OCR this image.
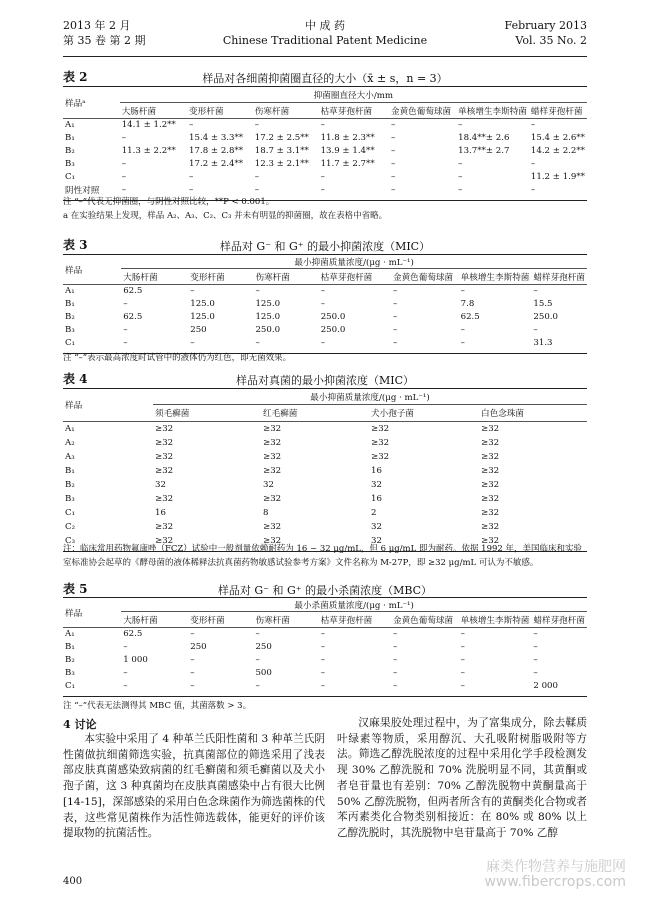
2013 年 2 月
第 35 卷 第 2 期
中 成 药
Chinese Traditional Patent Medicine
February 2013
Vol. 35 No. 2
表 2	样品对各细菌抑菌圈直径的大小（x̄ ± s，n = 3）
样品ᵃ	抑菌圈直径大小/mm						
	大肠杆菌	变形杆菌	伤寒杆菌	枯草芽孢杆菌	金黄色葡萄球菌	单核增生李斯特菌	蜡样芽孢杆菌
A₁	14.1 ± 1.2**	–	–	–	–	–	–
B₁	–	15.4 ± 3.3**	17.2 ± 2.5**	11.8 ± 2.3**	–	18.4**± 2.6	15.4 ± 2.6**
B₂	11.3 ± 2.2**	17.8 ± 2.8**	18.7 ± 3.1**	13.9 ± 1.4**	–	13.7**± 2.7	14.2 ± 2.2**
B₃	–	17.2 ± 2.4**	12.3 ± 2.1**	11.7 ± 2.7**	–	–	–
C₁	–	–	–	–	–	–	11.2 ± 1.9**
阴性对照	–	–	–	–	–	–	–

注 “–”代表无抑菌圈，与阴性对照比较，**P < 0.001。
a 在实验结果上发现，样品 A₂、A₃、C₂、C₃ 并未有明显的抑菌圈，故在表格中省略。
表 3	样品对 G⁻ 和 G⁺ 的最小抑菌浓度（MIC）
样品	最小抑菌质量浓度/(μg · mL⁻¹)						
	大肠杆菌	变形杆菌	伤寒杆菌	枯草芽孢杆菌	金黄色葡萄球菌	单核增生李斯特菌	蜡样芽孢杆菌
A₁	62.5	–	–	–	–	–	–
B₁	–	125.0	125.0	–	–	7.8	15.5
B₂	62.5	125.0	125.0	250.0	–	62.5	250.0
B₃	–	250	250.0	250.0	–	–	–
C₁	–	–	–	–	–	–	31.3

注 “–”表示最高浓度时试管中的液体仍为红色，即无菌效果。
表 4	样品对真菌的最小抑菌浓度（MIC）
样品	最小抑菌质量浓度/(μg · mL⁻¹)			
	须毛癣菌	红毛癣菌	犬小孢子菌	白色念珠菌
A₁	≥32	≥32	≥32	≥32
A₂	≥32	≥32	≥32	≥32
A₃	≥32	≥32	≥32	≥32
B₁	≥32	≥32	16	≥32
B₂	32	32	32	≥32
B₃	≥32	≥32	16	≥32
C₁	16	8	2	≥32
C₂	≥32	≥32	32	≥32
C₃	≥32	≥32	32	≥32

注：临床常用药物氟康唑（FCZ）试验中一般剂量依赖耐药为 16 ~ 32 μg/mL，但 6 μg/mL 即为耐药。依据 1992 年，美国临床和实验
室标准协会起草的《酵母菌的液体稀释法抗真菌药物敏感试验参考方案》文件名称为 M-27P，即 ≥32 μg/mL 可认为不敏感。
表 5	样品对 G⁻ 和 G⁺ 的最小杀菌浓度（MBC）
样品	最小杀菌质量浓度/(μg · mL⁻¹)						
	大肠杆菌	变形杆菌	伤寒杆菌	枯草芽孢杆菌	金黄色葡萄球菌	单核增生李斯特菌	蜡样芽孢杆菌
A₁	62.5	–	–	–	–	–	–
B₁	–	250	250	–	–	–	–
B₂	1 000	–	–	–	–	–	–
B₃	–	–	500	–	–	–	–
C₁	–	–	–	–	–	–	2 000

注 “–”代表无法测得其 MBC 值，其菌落数 > 3。
4 讨论
本实验中采用了 4 种革兰氏阳性菌和 3 种革兰氏阴性菌做抗细菌筛选实验，抗真菌部位的筛选采用了浅表部皮肤真菌感染致病菌的红毛癣菌和须毛癣菌以及犬小孢子菌，这 3 种真菌均在皮肤真菌感染中占有很大比例[14-15]，深部感染的采用白色念珠菌作为筛选菌株的代表，这些常见菌株作为活性筛选载体，能更好的评价该提取物的抗菌活性。
汉麻果胶处理过程中，为了富集成分，除去鞣质叶绿素等物质，采用醇沉、大孔吸附树脂吸附等方法。筛选乙醇洗脱浓度的过程中采用化学手段检测发现 30% 乙醇洗脱和 70% 洗脱明显不同，其黄酮或者皂苷量也有差别：70% 乙醇洗脱物中黄酮量高于 50% 乙醇洗脱物，但两者所含有的黄酮类化合物或者苯丙素类化合物类别相接近：在 80% 或 80% 以上乙醇洗脱时，其洗脱物中皂苷量高于 70% 乙醇
400
麻类作物营养与施肥网
www.fibercrops.com
